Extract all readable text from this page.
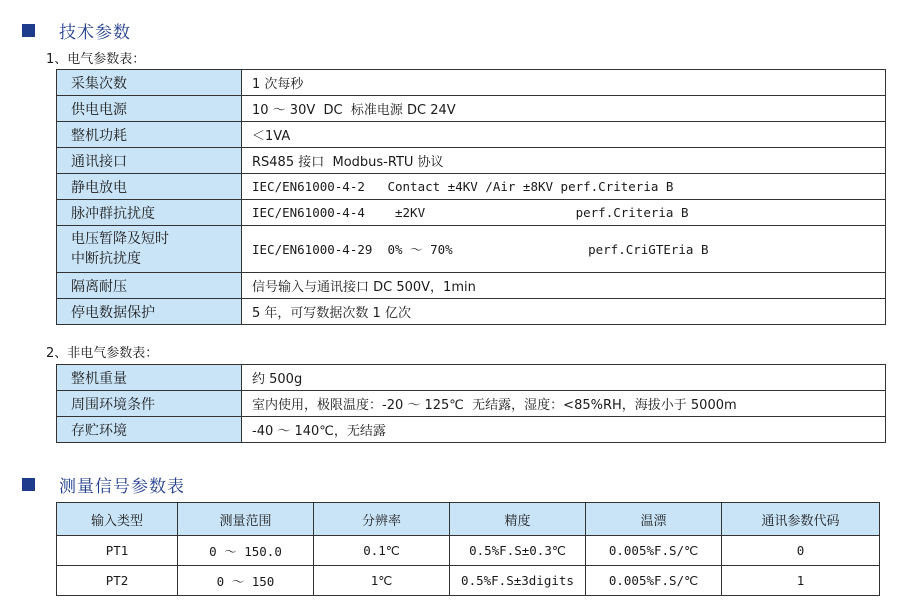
技术参数
1、电气参数表：
采集次数	1 次每秒
供电电源	10 ～ 30V  DC  标准电源 DC 24V
整机功耗	＜1VA
通讯接口	RS485 接口  Modbus-RTU 协议
静电放电	IEC/EN61000-4-2   Contact ±4KV /Air ±8KV perf.Criteria B
脉冲群抗扰度	IEC/EN61000-4-4    ±2KV                    perf.Criteria B

电压暂降及短时
中断抗扰度	IEC/EN61000-4-29  0% ～ 70%                  perf.CriGTEria B
隔离耐压	信号输入与通讯接口 DC 500V，1min
停电数据保护	5 年，可写数据次数 1 亿次
2、非电气参数表：
整机重量	约 500g
周围环境条件	室内使用，极限温度：-20 ～ 125℃  无结露，湿度：<85%RH，海拔小于 5000m
存贮环境	-40 ～ 140℃，无结露
测量信号参数表
输入类型	测量范围	分辨率	精度	温漂	通讯参数代码
PT1	0 ～ 150.0	0.1℃	0.5%F.S±0.3℃	0.005%F.S/℃	0
PT2	0 ～ 150	1℃	0.5%F.S±3digits	0.005%F.S/℃	1
